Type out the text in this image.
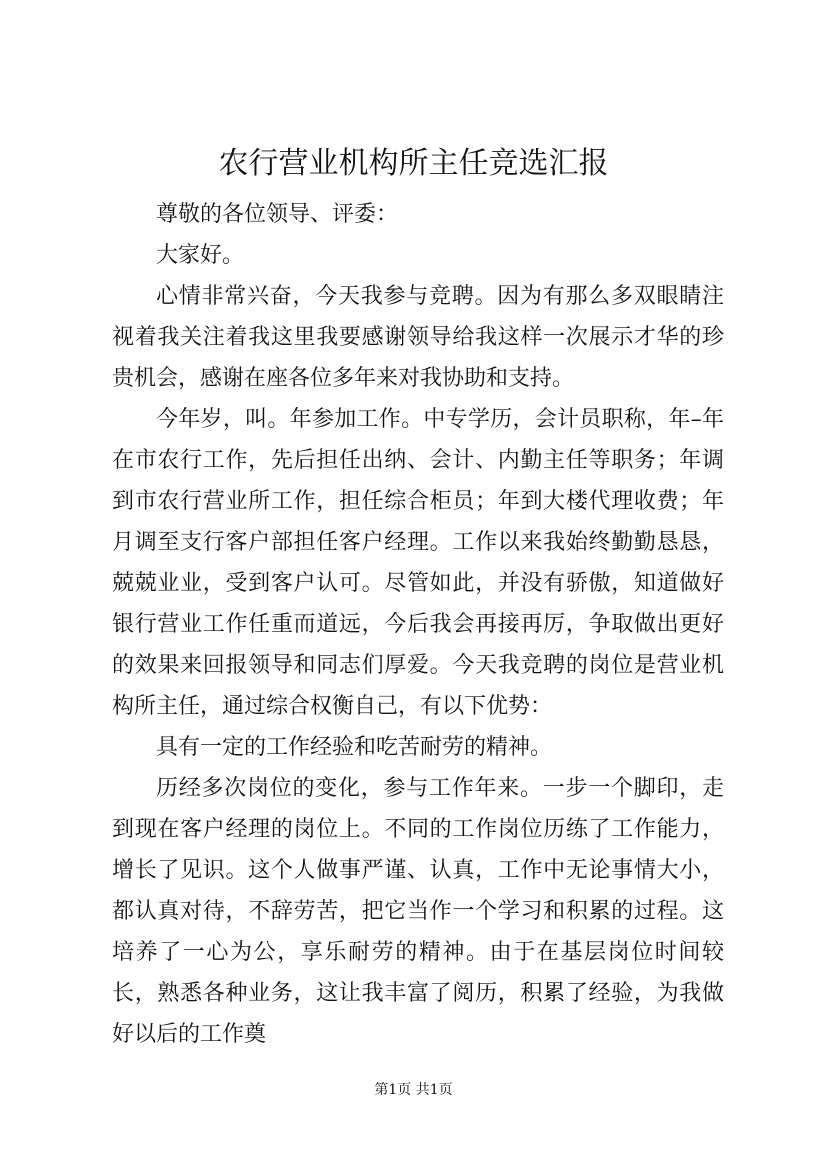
农行营业机构所主任竞选汇报

尊敬的各位领导、评委：

大家好。

心情非常兴奋，今天我参与竞聘。因为有那么多双眼睛注视着我关注着我这里我要感谢领导给我这样一次展示才华的珍贵机会，感谢在座各位多年来对我协助和支持。

今年岁，叫。年参加工作。中专学历，会计员职称，年–年在市农行工作，先后担任出纳、会计、内勤主任等职务；年调到市农行营业所工作，担任综合柜员；年到大楼代理收费；年月调至支行客户部担任客户经理。工作以来我始终勤勤恳恳，兢兢业业，受到客户认可。尽管如此，并没有骄傲，知道做好银行营业工作任重而道远，今后我会再接再厉，争取做出更好的效果来回报领导和同志们厚爱。今天我竞聘的岗位是营业机构所主任，通过综合权衡自己，有以下优势：

具有一定的工作经验和吃苦耐劳的精神。

历经多次岗位的变化，参与工作年来。一步一个脚印，走到现在客户经理的岗位上。不同的工作岗位历练了工作能力，增长了见识。这个人做事严谨、认真，工作中无论事情大小，都认真对待，不辞劳苦，把它当作一个学习和积累的过程。这培养了一心为公，享乐耐劳的精神。由于在基层岗位时间较长，熟悉各种业务，这让我丰富了阅历，积累了经验，为我做好以后的工作奠

第1页 共1页
